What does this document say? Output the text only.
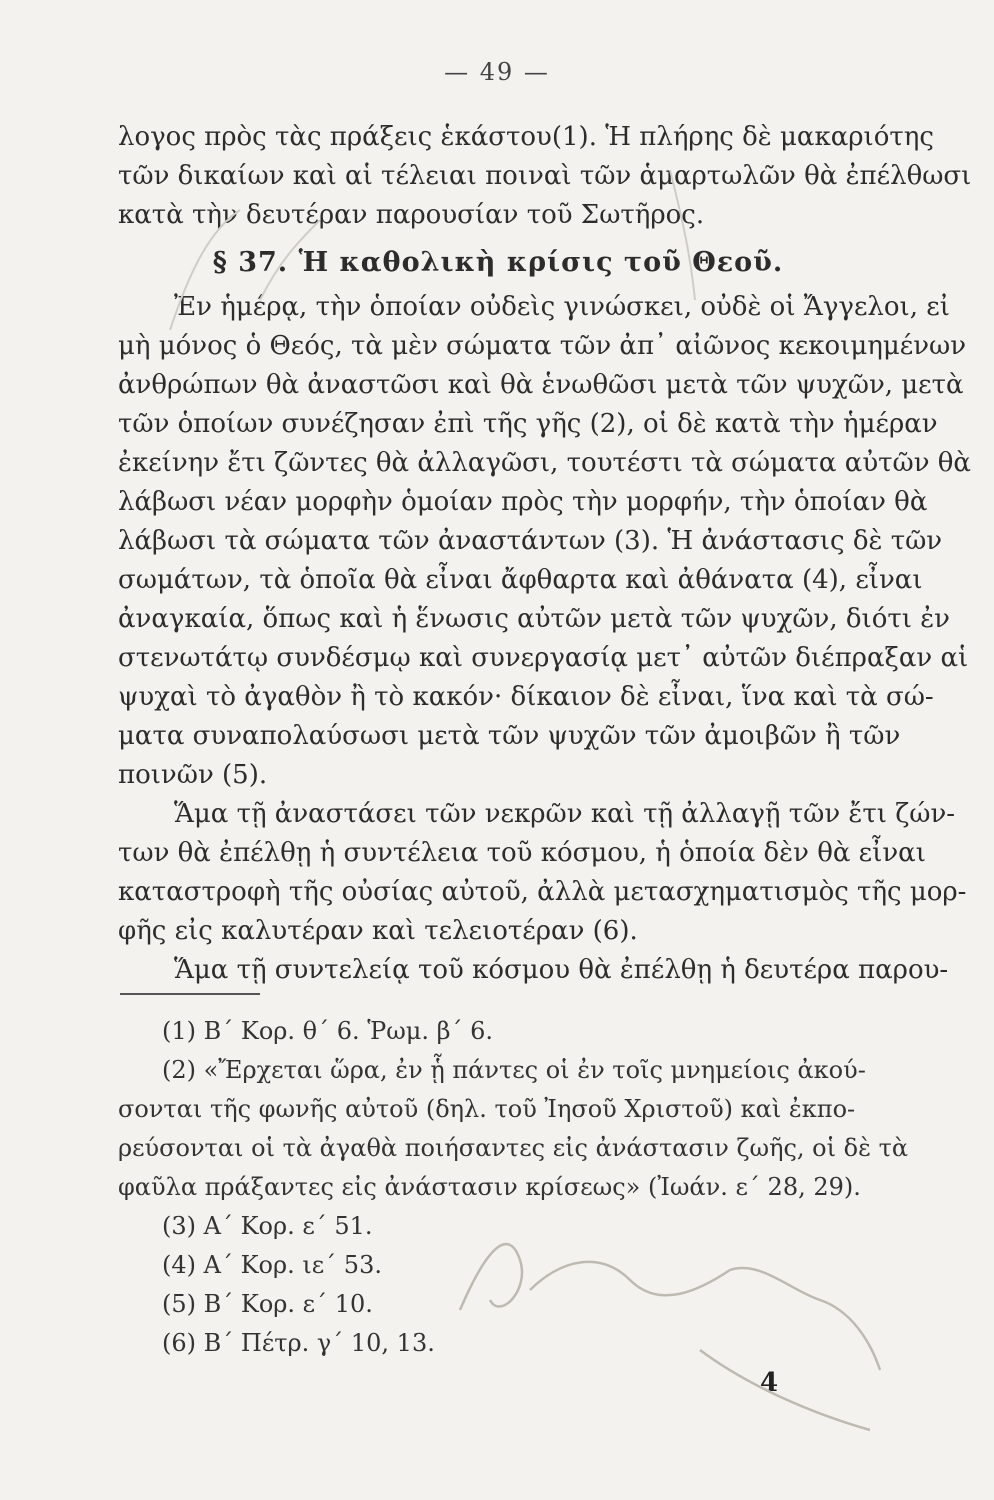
— 49 —
λογος πρὸς τὰς πράξεις ἑκάστου(1). Ἡ πλήρης δὲ μακαριότης
τῶν δικαίων καὶ αἱ τέλειαι ποιναὶ τῶν ἁμαρτωλῶν θὰ ἐπέλθωσι
κατὰ τὴν δευτέραν παρουσίαν τοῦ Σωτῆρος.
§ 37. Ἡ καθολικὴ κρίσις τοῦ Θεοῦ.
Ἐν ἡμέρᾳ, τὴν ὁποίαν οὐδεὶς γινώσκει, οὐδὲ οἱ Ἄγγελοι, εἰ
μὴ μόνος ὁ Θεός, τὰ μὲν σώματα τῶν ἀπ᾿ αἰῶνος κεκοιμημένων
ἀνθρώπων θὰ ἀναστῶσι καὶ θὰ ἑνωθῶσι μετὰ τῶν ψυχῶν, μετὰ
τῶν ὁποίων συνέζησαν ἐπὶ τῆς γῆς (2), οἱ δὲ κατὰ τὴν ἡμέραν
ἐκείνην ἔτι ζῶντες θὰ ἀλλαγῶσι, τουτέστι τὰ σώματα αὐτῶν θὰ
λάβωσι νέαν μορφὴν ὁμοίαν πρὸς τὴν μορφήν, τὴν ὁποίαν θὰ
λάβωσι τὰ σώματα τῶν ἀναστάντων (3). Ἡ ἀνάστασις δὲ τῶν
σωμάτων, τὰ ὁποῖα θὰ εἶναι ἄφθαρτα καὶ ἀθάνατα (4), εἶναι
ἀναγκαία, ὅπως καὶ ἡ ἕνωσις αὐτῶν μετὰ τῶν ψυχῶν, διότι ἐν
στενωτάτῳ συνδέσμῳ καὶ συνεργασίᾳ μετ᾿ αὐτῶν διέπραξαν αἱ
ψυχαὶ τὸ ἀγαθὸν ἢ τὸ κακόν· δίκαιον δὲ εἶναι, ἵνα καὶ τὰ σώ-
ματα συναπολαύσωσι μετὰ τῶν ψυχῶν τῶν ἀμοιβῶν ἢ τῶν
ποινῶν (5).
Ἅμα τῇ ἀναστάσει τῶν νεκρῶν καὶ τῇ ἀλλαγῇ τῶν ἔτι ζών-
των θὰ ἐπέλθῃ ἡ συντέλεια τοῦ κόσμου, ἡ ὁποία δὲν θὰ εἶναι
καταστροφὴ τῆς οὐσίας αὐτοῦ, ἀλλὰ μετασχηματισμὸς τῆς μορ-
φῆς εἰς καλυτέραν καὶ τελειοτέραν (6).
Ἅμα τῇ συντελείᾳ τοῦ κόσμου θὰ ἐπέλθῃ ἡ δευτέρα παρου-
(1) Β΄ Κορ. θ΄ 6. Ῥωμ. β΄ 6.
(2) «Ἔρχεται ὥρα, ἐν ᾗ πάντες οἱ ἐν τοῖς μνημείοις ἀκού-
σονται τῆς φωνῆς αὐτοῦ (δηλ. τοῦ Ἰησοῦ Χριστοῦ) καὶ ἐκπο-
ρεύσονται οἱ τὰ ἀγαθὰ ποιήσαντες εἰς ἀνάστασιν ζωῆς, οἱ δὲ τὰ
φαῦλα πράξαντες εἰς ἀνάστασιν κρίσεως» (Ἰωάν. ε΄ 28, 29).
(3) Α΄ Κορ. ε΄ 51.
(4) Α΄ Κορ. ιε΄ 53.
(5) Β΄ Κορ. ε΄ 10.
(6) Β΄ Πέτρ. γ΄ 10, 13.
4
